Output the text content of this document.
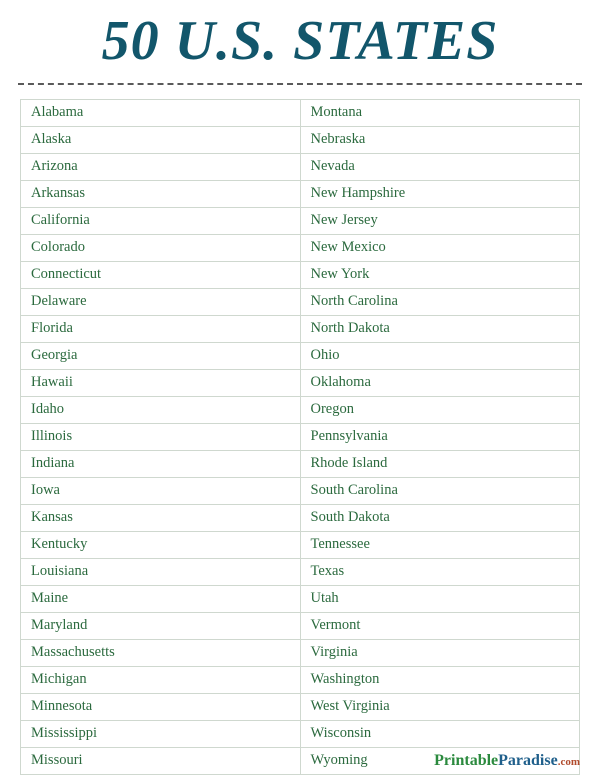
50 U.S. STATES
Alabama	Montana
Alaska	Nebraska
Arizona	Nevada
Arkansas	New Hampshire
California	New Jersey
Colorado	New Mexico
Connecticut	New York
Delaware	North Carolina
Florida	North Dakota
Georgia	Ohio
Hawaii	Oklahoma
Idaho	Oregon
Illinois	Pennsylvania
Indiana	Rhode Island
Iowa	South Carolina
Kansas	South Dakota
Kentucky	Tennessee
Louisiana	Texas
Maine	Utah
Maryland	Vermont
Massachusetts	Virginia
Michigan	Washington
Minnesota	West Virginia
Mississippi	Wisconsin
Missouri	Wyoming	PrintableParadise.com
